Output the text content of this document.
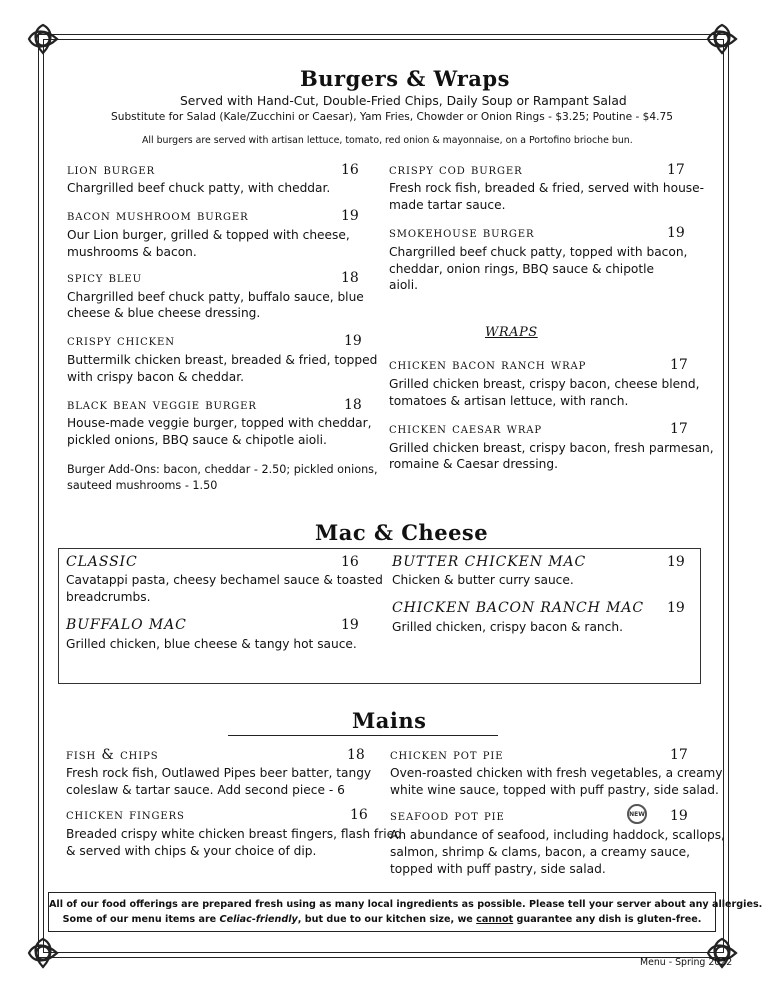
Burgers & Wraps
Served with Hand-Cut, Double-Fried Chips, Daily Soup or Rampant Salad
Substitute for Salad (Kale/Zucchini or Caesar), Yam Fries, Chowder or Onion Rings - $3.25; Poutine - $4.75
All burgers are served with artisan lettuce, tomato, red onion & mayonnaise, on a Portofino brioche bun.
lion burger	16
Chargrilled beef chuck patty, with cheddar.
bacon mushroom burger	19
Our Lion burger, grilled & topped with cheese,
mushrooms & bacon.
spicy bleu	18
Chargrilled beef chuck patty, buffalo sauce, blue
cheese & blue cheese dressing.
crispy chicken	19
Buttermilk chicken breast, breaded & fried, topped
with crispy bacon & cheddar.
black bean veggie burger	18
House-made veggie burger, topped with cheddar,
pickled onions, BBQ sauce & chipotle aioli.
Burger Add-Ons: bacon, cheddar - 2.50; pickled onions,
sauteed mushrooms - 1.50
crispy cod burger	17
Fresh rock fish, breaded & fried, served with house-
made tartar sauce.
smokehouse burger	19
Chargrilled beef chuck patty, topped with bacon,
cheddar, onion rings, BBQ sauce & chipotle
aioli.
WRAPS
chicken bacon ranch wrap	17
Grilled chicken breast, crispy bacon, cheese blend,
tomatoes & artisan lettuce, with ranch.
chicken caesar wrap	17
Grilled chicken breast, crispy bacon, fresh parmesan,
romaine & Caesar dressing.
Mac & Cheese
CLASSIC	16
Cavatappi pasta, cheesy bechamel sauce & toasted
breadcrumbs.
BUFFALO MAC	19
Grilled chicken, blue cheese & tangy hot sauce.
BUTTER CHICKEN MAC	19
Chicken & butter curry sauce.
CHICKEN BACON RANCH MAC 19
Grilled chicken, crispy bacon & ranch.
Mains
fish & chips	18
Fresh rock fish, Outlawed Pipes beer batter, tangy
coleslaw & tartar sauce. Add second piece - 6
chicken fingers	16
Breaded crispy white chicken breast fingers, flash fried
& served with chips & your choice of dip.
chicken pot pie	17
Oven-roasted chicken with fresh vegetables, a creamy
white wine sauce, topped with puff pastry, side salad.
seafood pot pie	NEW 19
An abundance of seafood, including haddock, scallops,
salmon, shrimp & clams, bacon, a creamy sauce,
topped with puff pastry, side salad.
All of our food offerings are prepared fresh using as many local ingredients as possible. Please tell your server about any allergies.
Some of our menu items are Celiac-friendly, but due to our kitchen size, we cannot guarantee any dish is gluten-free.
Menu - Spring 2022
